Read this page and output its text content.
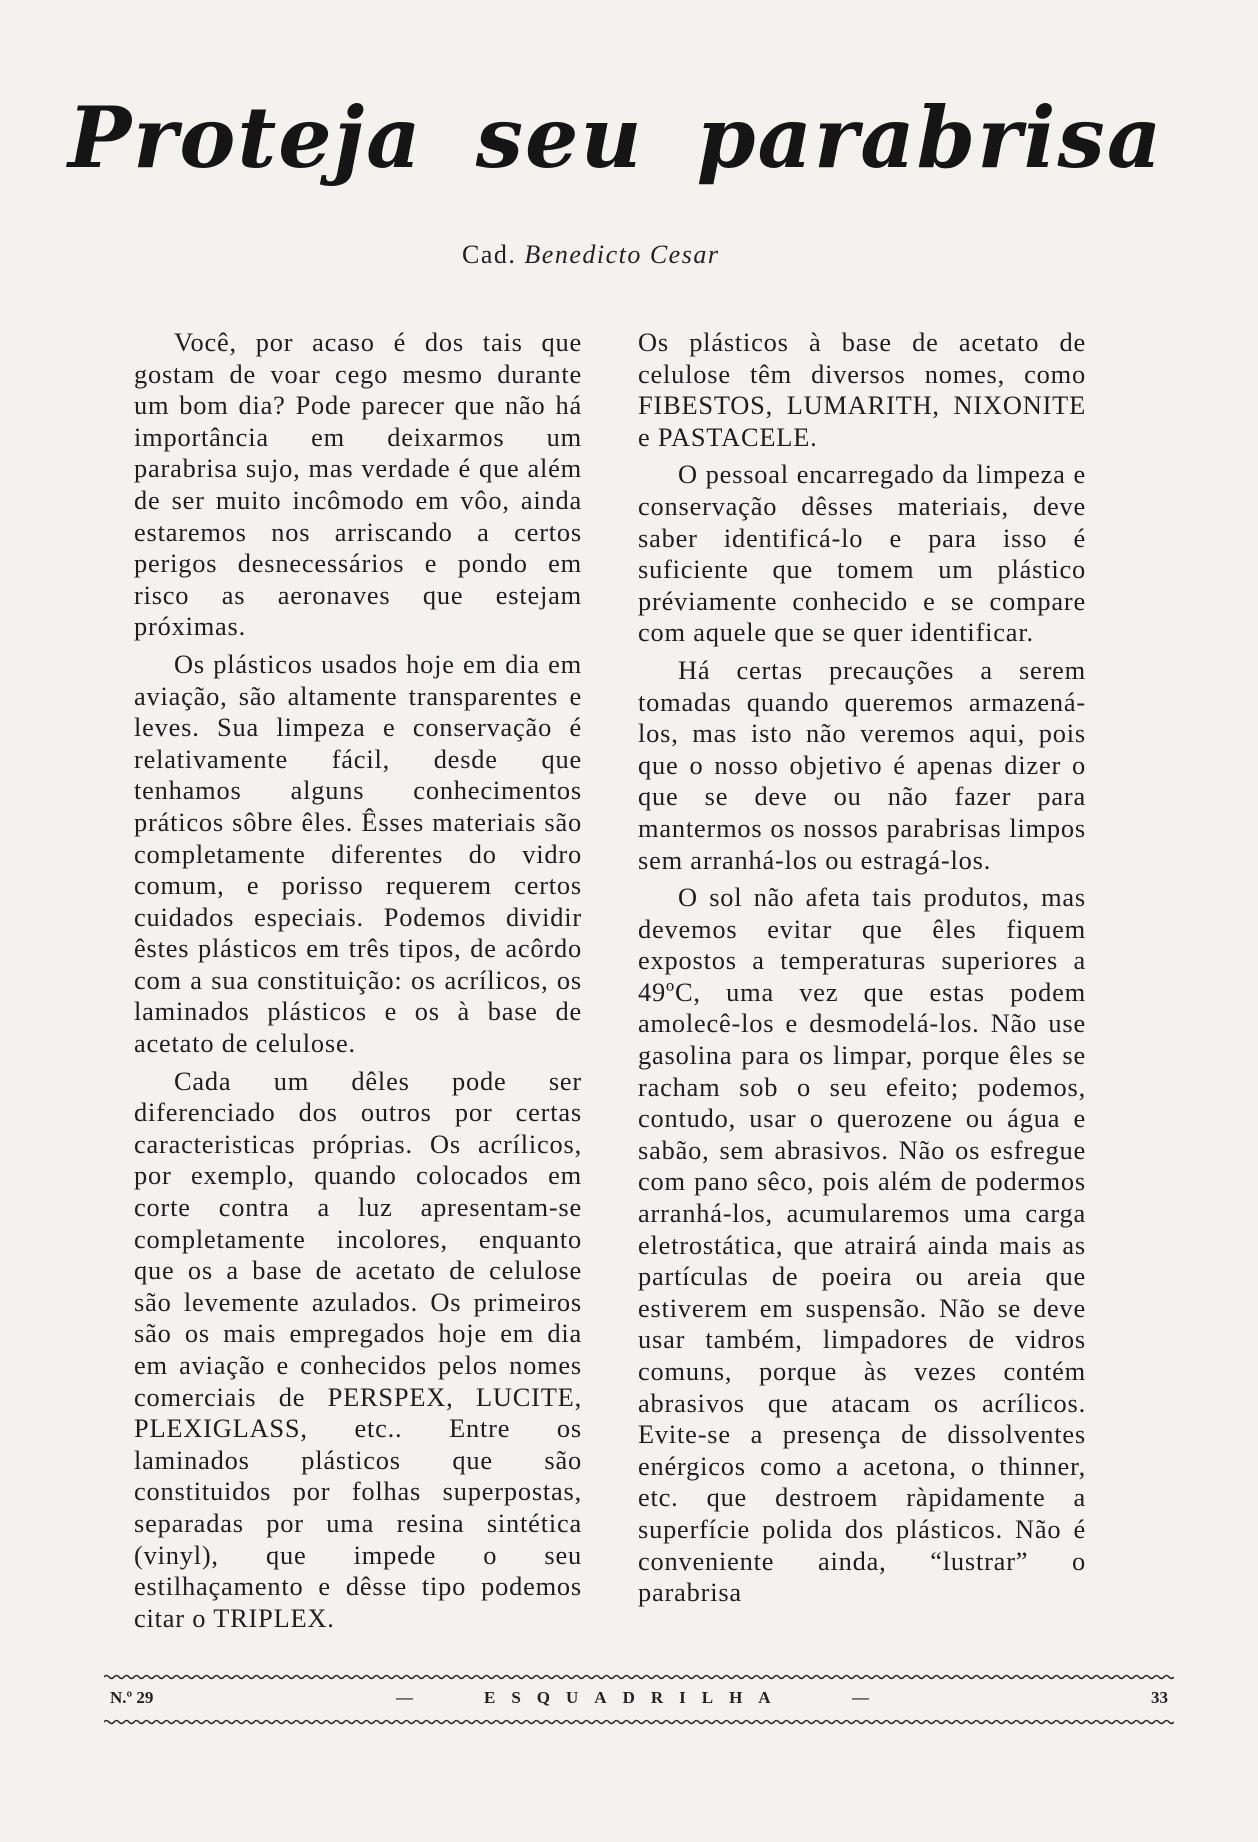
Proteja seu parabrisa
Cad. Benedicto Cesar

Você, por acaso é dos tais que gostam de voar cego mesmo durante um bom dia? Pode parecer que não há importância em deixarmos um parabrisa sujo, mas verdade é que além de ser muito incômodo em vôo, ainda estaremos nos arriscando a certos perigos desnecessários e pondo em risco as aeronaves que estejam próximas.

Os plásticos usados hoje em dia em aviação, são altamente transparentes e leves. Sua limpeza e conservação é relativamente fácil, desde que tenhamos alguns conhecimentos práticos sôbre êles. Êsses materiais são completamente diferentes do vidro comum, e porisso requerem certos cuidados especiais. Podemos dividir êstes plásticos em três tipos, de acôrdo com a sua constituição: os acrílicos, os laminados plásticos e os à base de acetato de celulose.

Cada um dêles pode ser diferenciado dos outros por certas caracteristicas próprias. Os acrílicos, por exemplo, quando colocados em corte contra a luz apresentam-se completamente incolores, enquanto que os a base de acetato de celulose são levemente azulados. Os primeiros são os mais empregados hoje em dia em aviação e conhecidos pelos nomes comerciais de PERSPEX, LUCITE, PLEXIGLASS, etc.. Entre os laminados plásticos que são constituidos por folhas superpostas, separadas por uma resina sintética (vinyl), que impede o seu estilhaçamento e dêsse tipo podemos citar o TRIPLEX.

Os plásticos à base de acetato de celulose têm diversos nomes, como FIBESTOS, LUMARITH, NIXONITE e PASTACELE.

O pessoal encarregado da limpeza e conservação dêsses materiais, deve saber identificá-lo e para isso é suficiente que tomem um plástico préviamente conhecido e se compare com aquele que se quer identificar.

Há certas precauções a serem tomadas quando queremos armazená-los, mas isto não veremos aqui, pois que o nosso objetivo é apenas dizer o que se deve ou não fazer para mantermos os nossos parabrisas limpos sem arranhá-los ou estragá-los.

O sol não afeta tais produtos, mas devemos evitar que êles fiquem expostos a temperaturas superiores a 49ºC, uma vez que estas podem amolecê-los e desmodelá-los. Não use gasolina para os limpar, porque êles se racham sob o seu efeito; podemos, contudo, usar o querozene ou água e sabão, sem abrasivos. Não os esfregue com pano sêco, pois além de podermos arranhá-los, acumularemos uma carga eletrostática, que atrairá ainda mais as partículas de poeira ou areia que estiverem em suspensão. Não se deve usar também, limpadores de vidros comuns, porque às vezes contém abrasivos que atacam os acrílicos. Evite-se a presença de dissolventes enérgicos como a acetona, o thinner, etc. que destroem ràpidamente a superfície polida dos plásticos. Não é conveniente ainda, “lustrar” o parabrisa

N.º 29	—	ESQUADRILHA	—	33
